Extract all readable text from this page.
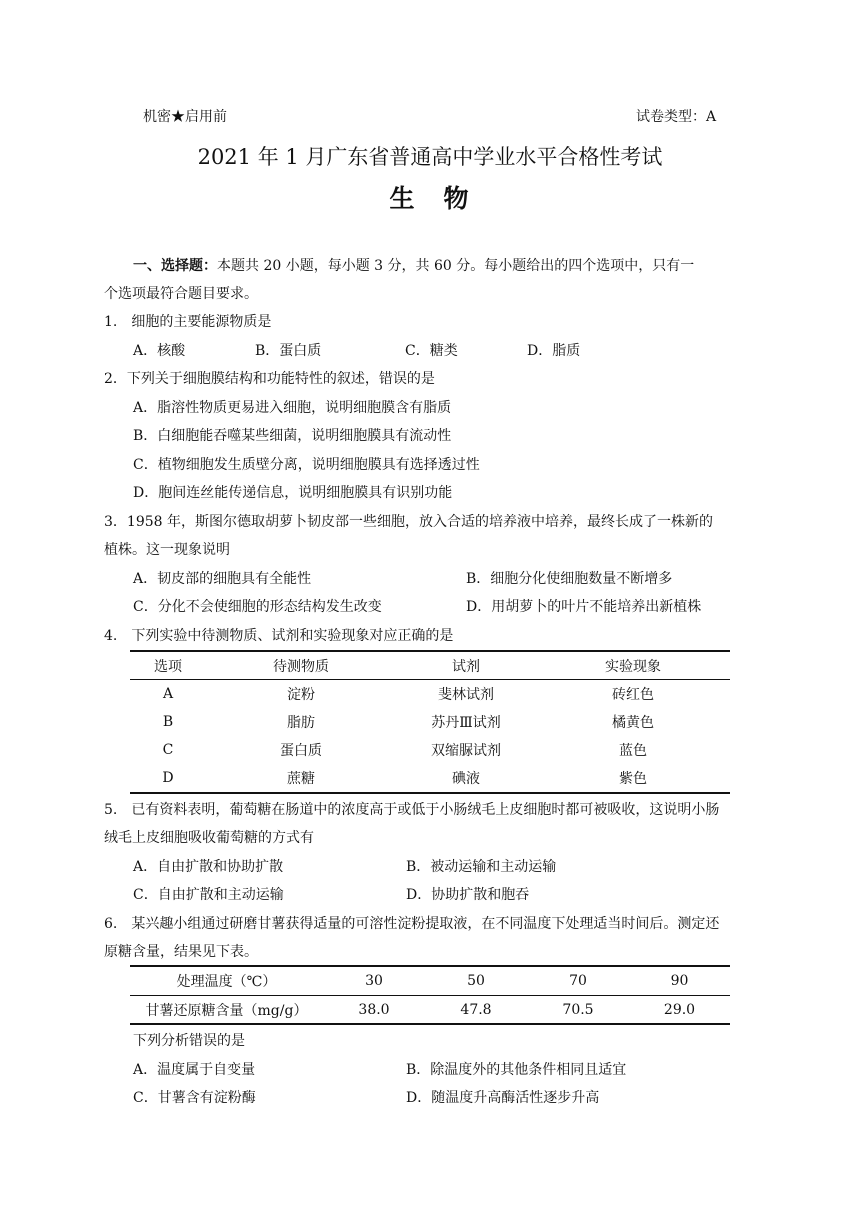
机密★启用前	试卷类型：A
2021 年 1 月广东省普通高中学业水平合格性考试
生　物
一、选择题：本题共 20 小题，每小题 3 分，共 60 分。每小题给出的四个选项中，只有一
个选项最符合题目要求。
1.　细胞的主要能源物质是
A．核酸	B．蛋白质	C．糖类	D．脂质
2．下列关于细胞膜结构和功能特性的叙述，错误的是
A．脂溶性物质更易进入细胞，说明细胞膜含有脂质
B．白细胞能吞噬某些细菌，说明细胞膜具有流动性
C．植物细胞发生质壁分离，说明细胞膜具有选择透过性
D．胞间连丝能传递信息，说明细胞膜具有识别功能
3．1958 年，斯图尔德取胡萝卜韧皮部一些细胞，放入合适的培养液中培养，最终长成了一株新的
植株。这一现象说明
A．韧皮部的细胞具有全能性	B．细胞分化使细胞数量不断增多
C．分化不会使细胞的形态结构发生改变	D．用胡萝卜的叶片不能培养出新植株
4.　下列实验中待测物质、试剂和实验现象对应正确的是
选项	待测物质	试剂	实验现象
A	淀粉	斐林试剂	砖红色
B	脂肪	苏丹Ⅲ试剂	橘黄色
C	蛋白质	双缩脲试剂	蓝色
D	蔗糖	碘液	紫色
5.　已有资料表明，葡萄糖在肠道中的浓度高于或低于小肠绒毛上皮细胞时都可被吸收，这说明小肠
绒毛上皮细胞吸收葡萄糖的方式有
A．自由扩散和协助扩散	B．被动运输和主动运输
C．自由扩散和主动运输	D．协助扩散和胞吞
6.　某兴趣小组通过研磨甘薯获得适量的可溶性淀粉提取液，在不同温度下处理适当时间后。测定还
原糖含量，结果见下表。
处理温度（℃）	30	50	70	90
甘薯还原糖含量（mg/g）	38.0	47.8	70.5	29.0
下列分析错误的是
A．温度属于自变量	B．除温度外的其他条件相同且适宜
C．甘薯含有淀粉酶	D．随温度升高酶活性逐步升高
